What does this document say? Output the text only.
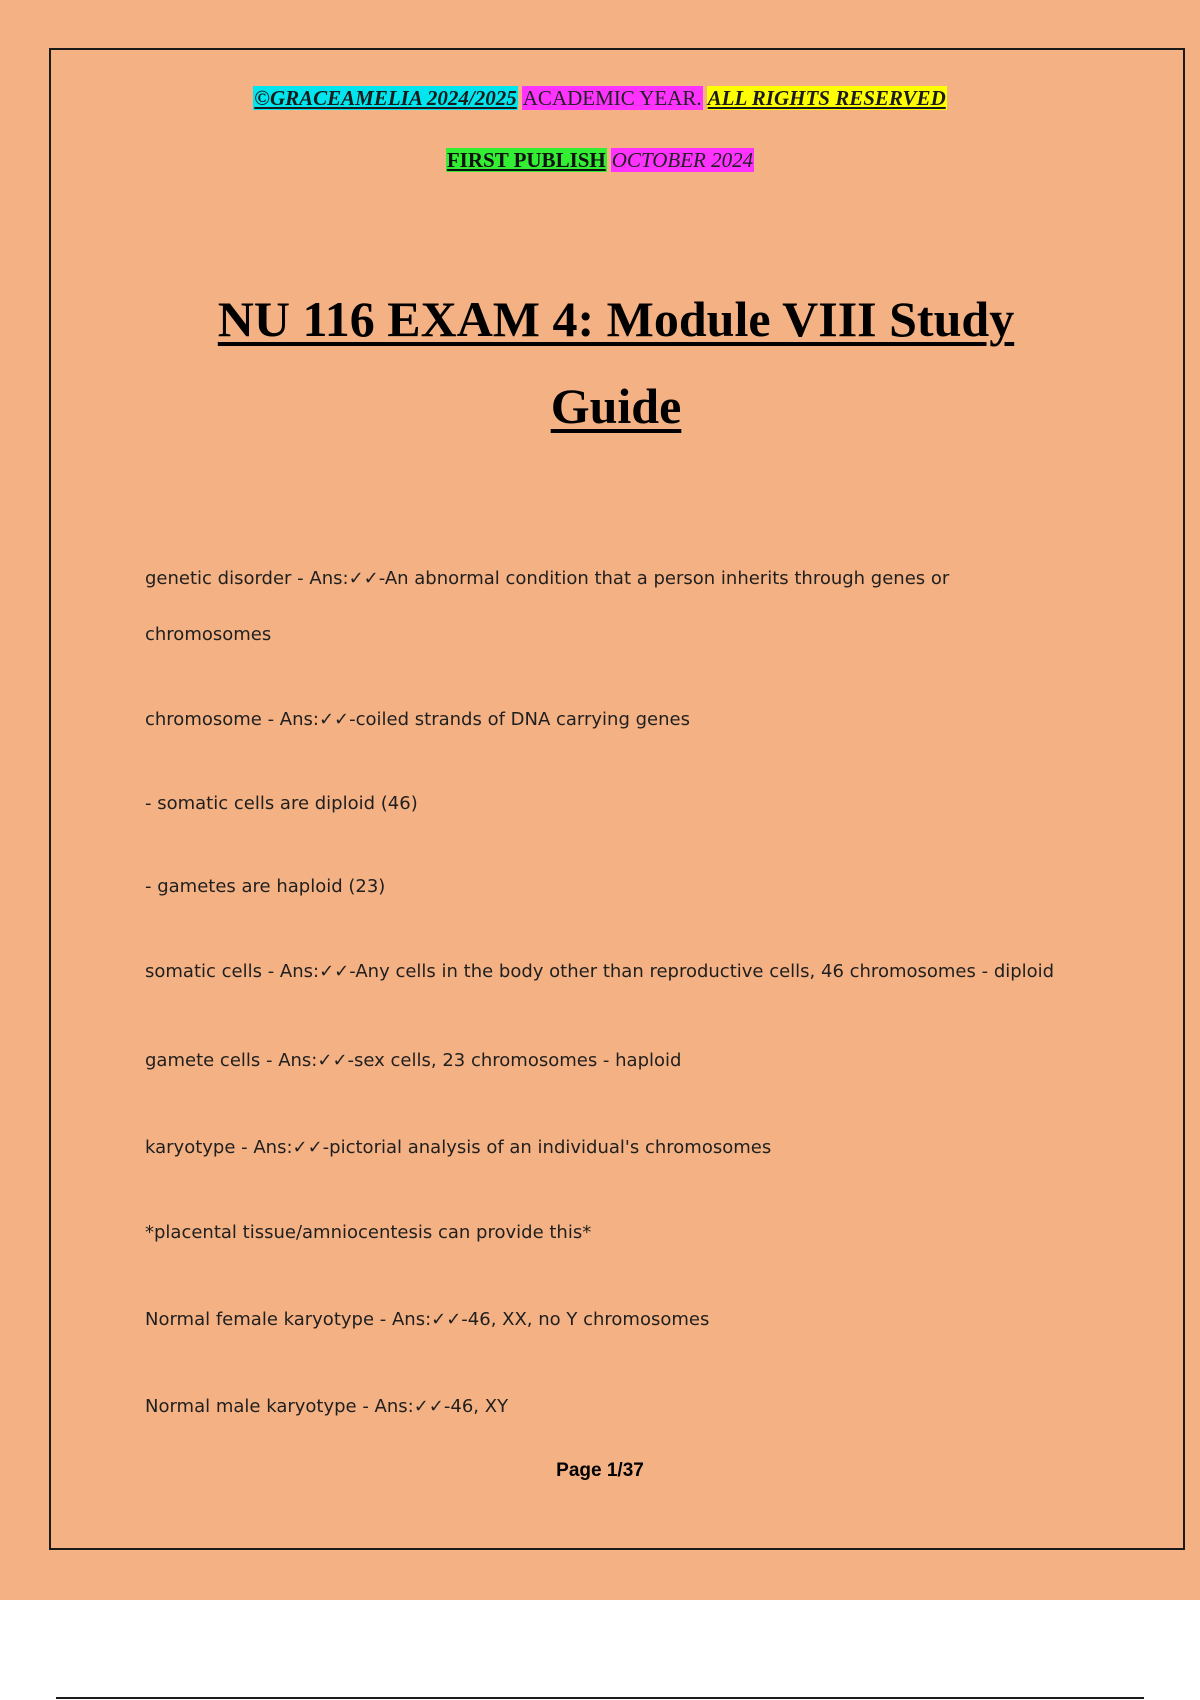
©GRACEAMELIA 2024/2025 ACADEMIC YEAR. ALL RIGHTS RESERVED
FIRST PUBLISH OCTOBER 2024
NU 116 EXAM 4: Module VIII Study
Guide
genetic disorder - Ans:✓✓-An abnormal condition that a person inherits through genes or
chromosomes
chromosome - Ans:✓✓-coiled strands of DNA carrying genes
- somatic cells are diploid (46)
- gametes are haploid (23)
somatic cells - Ans:✓✓-Any cells in the body other than reproductive cells, 46 chromosomes - diploid
gamete cells - Ans:✓✓-sex cells, 23 chromosomes - haploid
karyotype - Ans:✓✓-pictorial analysis of an individual's chromosomes
*placental tissue/amniocentesis can provide this*
Normal female karyotype - Ans:✓✓-46, XX, no Y chromosomes
Normal male karyotype - Ans:✓✓-46, XY
Page 1/37
